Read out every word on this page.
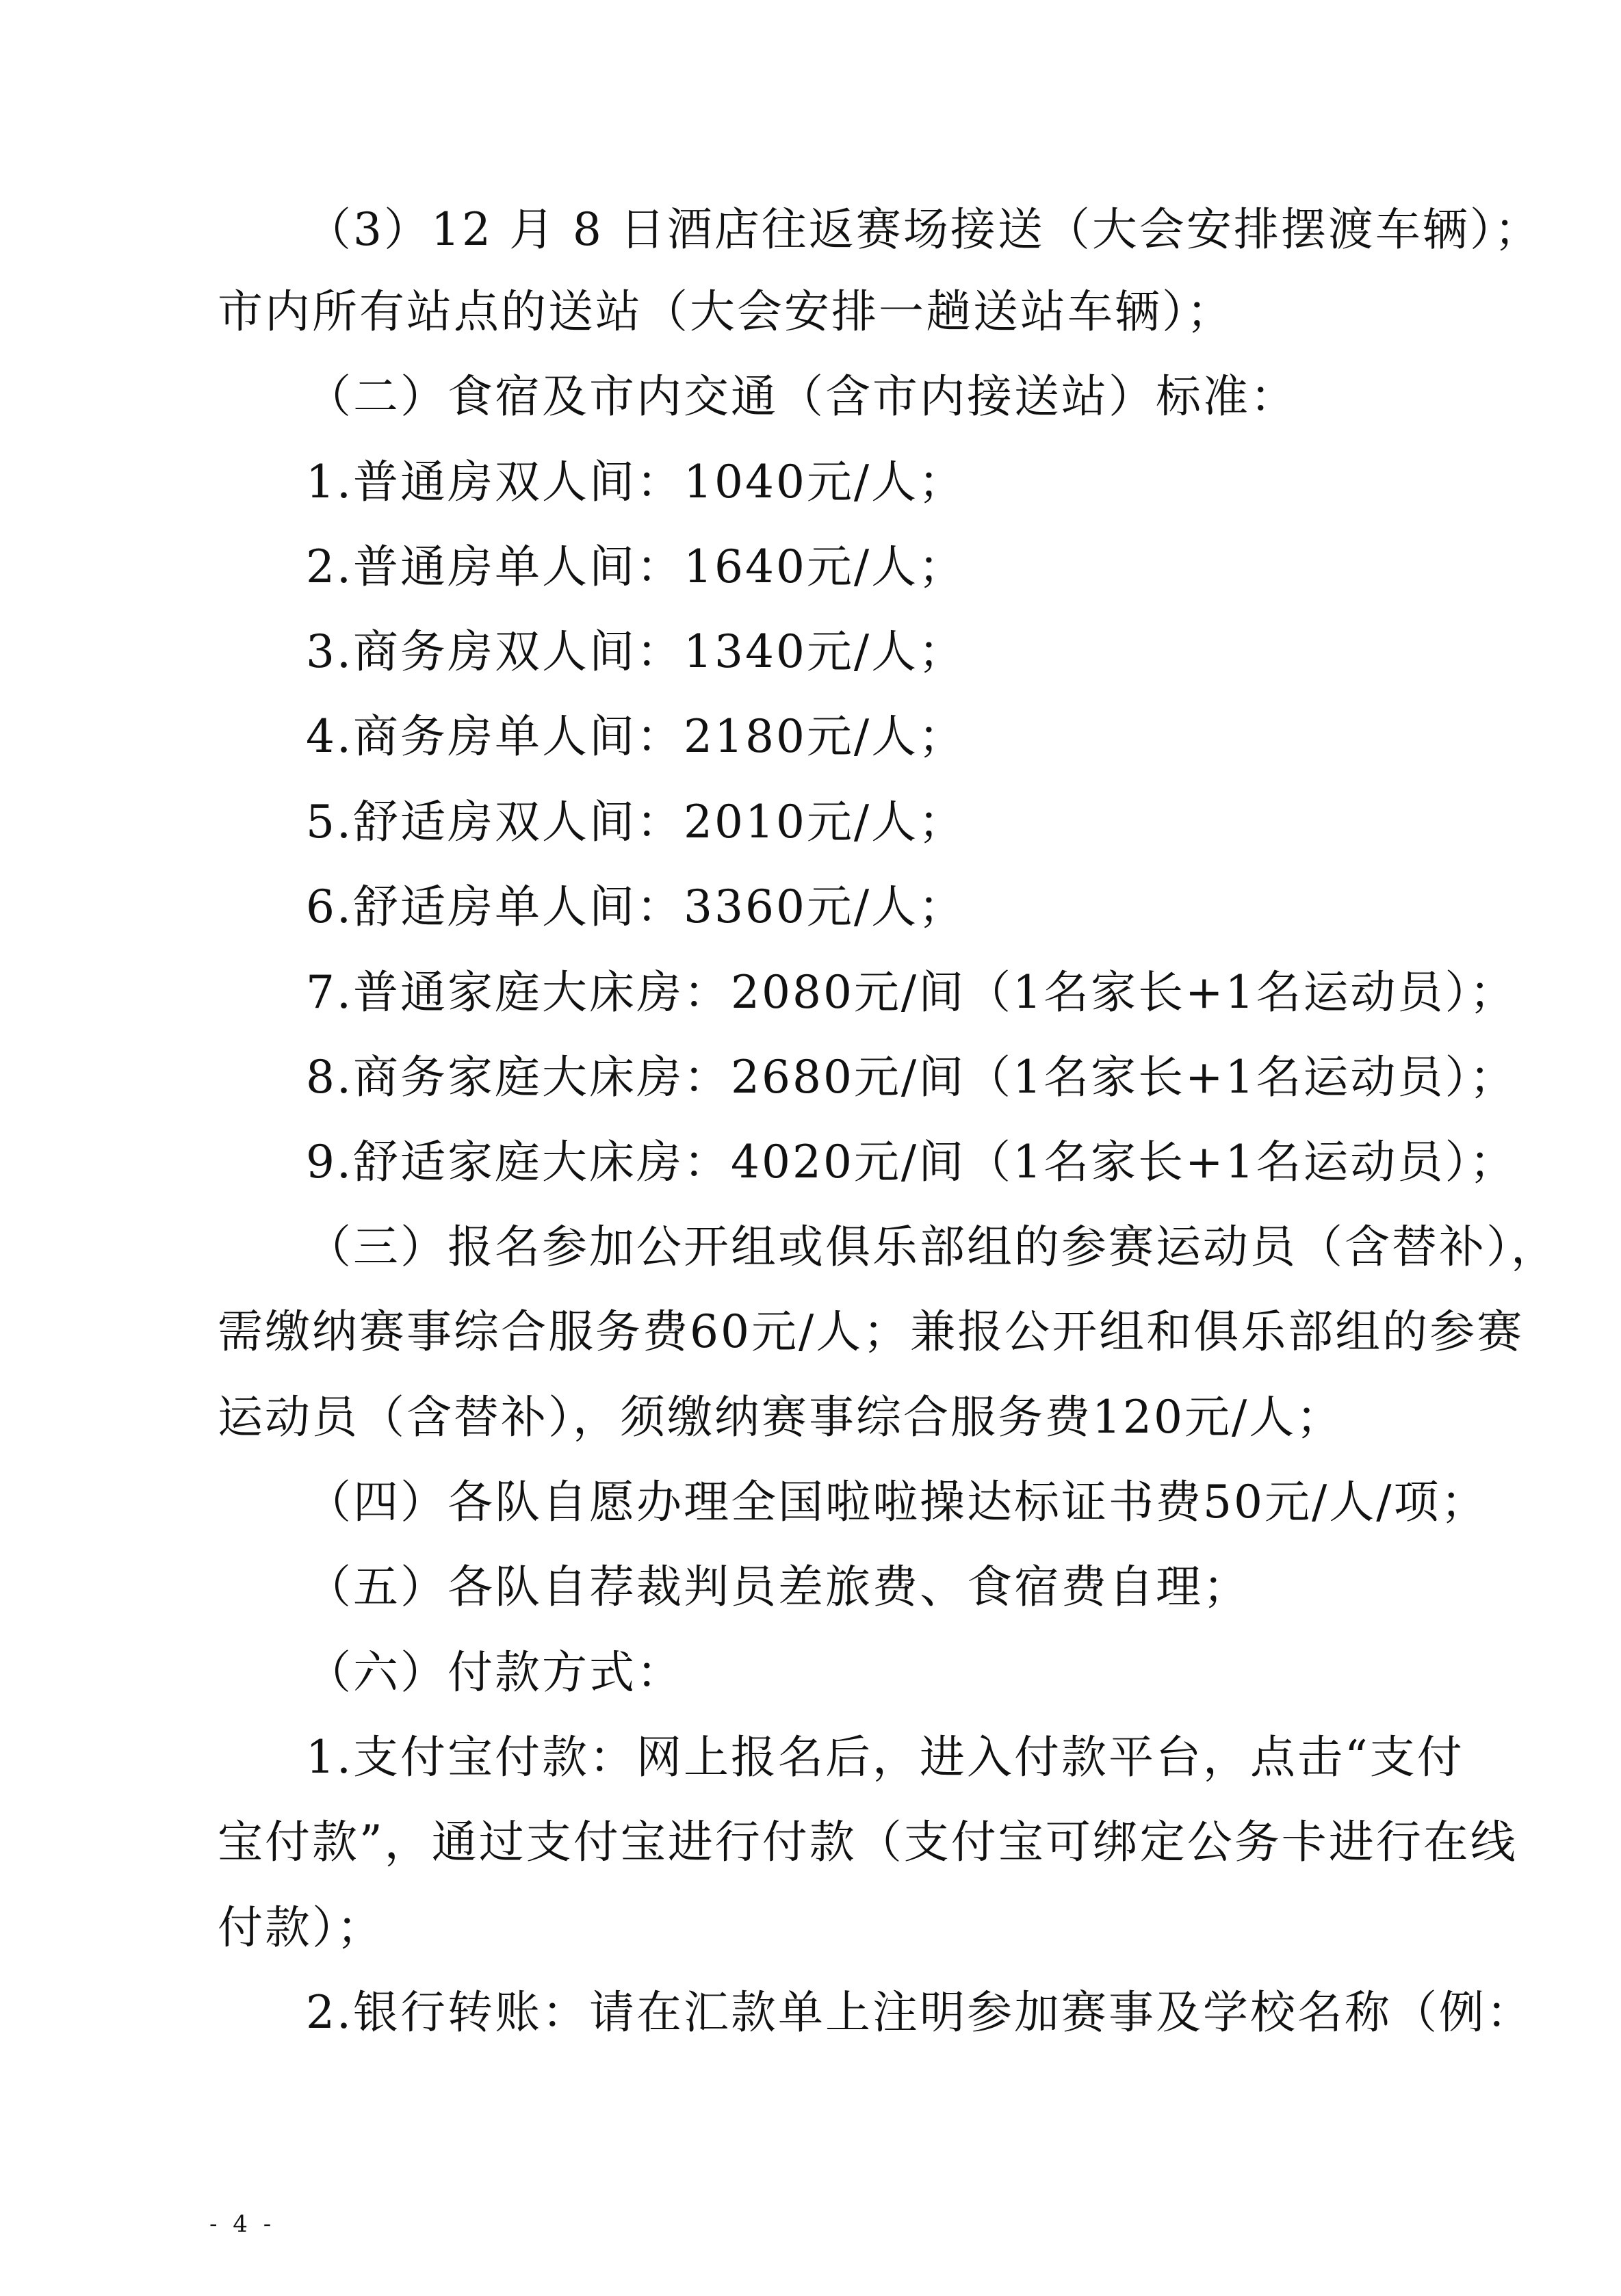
（3）12 月 8 日酒店往返赛场接送（大会安排摆渡车辆）；
市内所有站点的送站（大会安排一趟送站车辆）；
（二）食宿及市内交通（含市内接送站）标准：
1.普通房双人间：1040元/人；
2.普通房单人间：1640元/人；
3.商务房双人间：1340元/人；
4.商务房单人间：2180元/人；
5.舒适房双人间：2010元/人；
6.舒适房单人间：3360元/人；
7.普通家庭大床房：2080元/间（1名家长+1名运动员）；
8.商务家庭大床房：2680元/间（1名家长+1名运动员）；
9.舒适家庭大床房：4020元/间（1名家长+1名运动员）；
（三）报名参加公开组或俱乐部组的参赛运动员（含替补），
需缴纳赛事综合服务费60元/人；兼报公开组和俱乐部组的参赛
运动员（含替补），须缴纳赛事综合服务费120元/人；
（四）各队自愿办理全国啦啦操达标证书费50元/人/项；
（五）各队自荐裁判员差旅费、食宿费自理；
（六）付款方式：
1.支付宝付款：网上报名后，进入付款平台，点击“支付
宝付款”，通过支付宝进行付款（支付宝可绑定公务卡进行在线
付款）；
2.银行转账：请在汇款单上注明参加赛事及学校名称（例：
- 4 -
